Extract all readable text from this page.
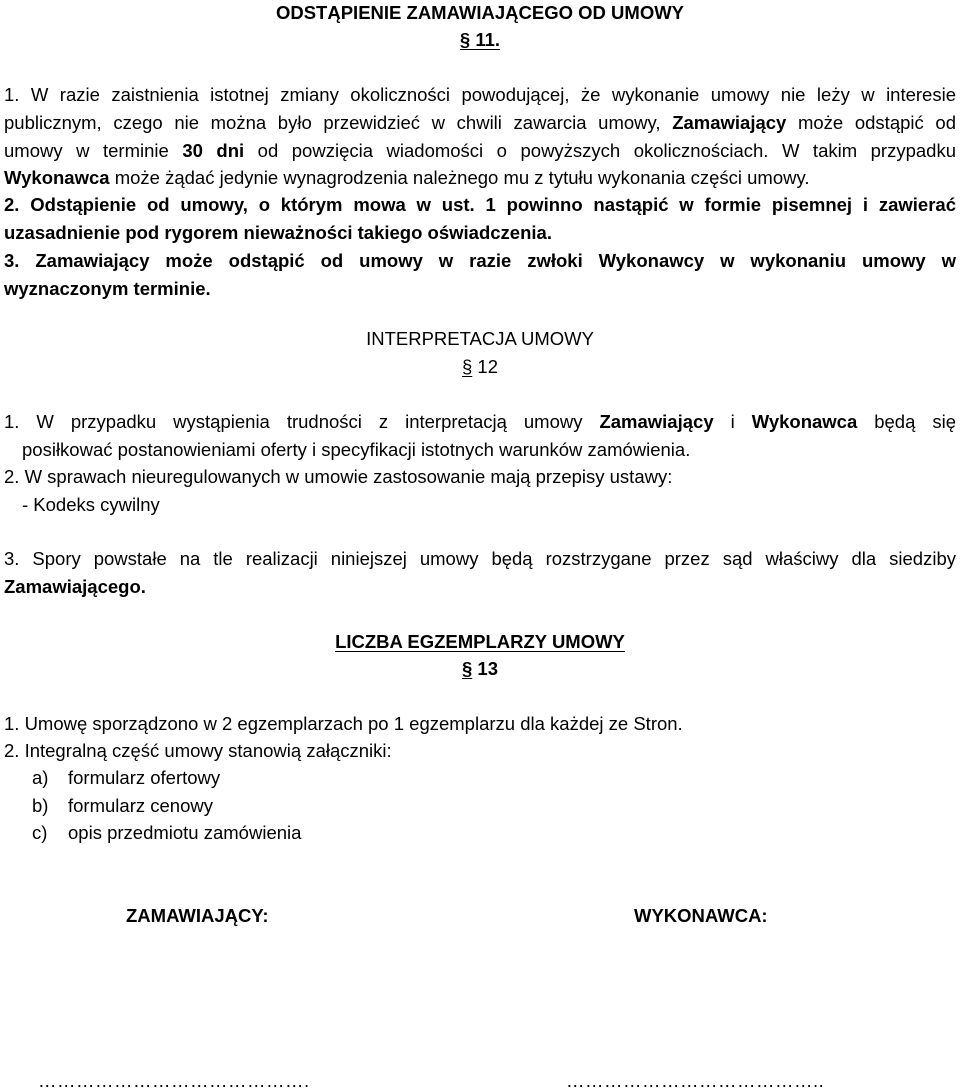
ODSTĄPIENIE ZAMAWIAJĄCEGO OD UMOWY
§ 11.
1. W razie zaistnienia istotnej zmiany okoliczności powodującej, że wykonanie umowy nie leży w interesie
publicznym, czego nie można było przewidzieć w chwili zawarcia umowy, Zamawiający może odstąpić od
umowy w terminie 30 dni od powzięcia wiadomości o powyższych okolicznościach. W takim przypadku
Wykonawca może żądać jedynie wynagrodzenia należnego mu z tytułu wykonania części umowy.
2. Odstąpienie od umowy, o którym mowa w ust. 1 powinno nastąpić w formie pisemnej i zawierać
uzasadnienie pod rygorem nieważności takiego oświadczenia.
3. Zamawiający może odstąpić od umowy w razie zwłoki Wykonawcy w wykonaniu umowy w
wyznaczonym terminie.
INTERPRETACJA UMOWY
§ 12
1. W przypadku wystąpienia trudności z interpretacją umowy Zamawiający i Wykonawca będą się
posiłkować postanowieniami oferty i specyfikacji istotnych warunków zamówienia.
2. W sprawach nieuregulowanych w umowie zastosowanie mają przepisy ustawy:
- Kodeks cywilny
3. Spory powstałe na tle realizacji niniejszej umowy będą rozstrzygane przez sąd właściwy dla siedziby
Zamawiającego.
LICZBA EGZEMPLARZY UMOWY
§ 13
1. Umowę sporządzono w 2 egzemplarzach po 1 egzemplarzu dla każdej ze Stron.
2. Integralną część umowy stanowią załączniki:
a) formularz ofertowy
b) formularz cenowy
c) opis przedmiotu zamówienia
ZAMAWIAJĄCY:	WYKONAWCA:
…………………………………….	…………………………………..
